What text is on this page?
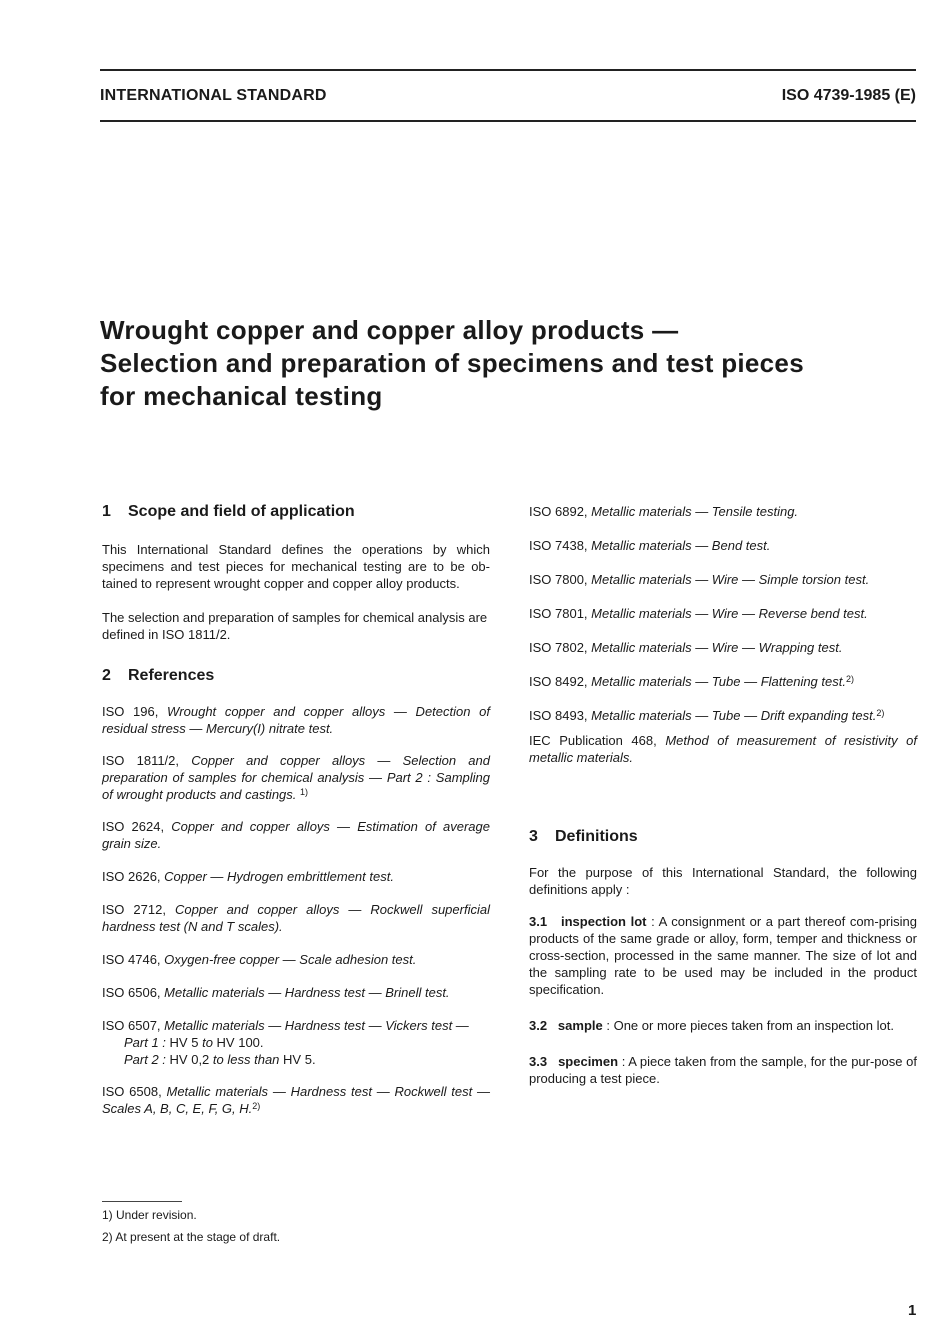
INTERNATIONAL STANDARD	ISO 4739-1985 (E)
Wrought copper and copper alloy products —
Selection and preparation of specimens and test pieces
for mechanical testing
1 Scope and field of application

This International Standard defines the operations by which specimens and test pieces for mechanical testing are to be ob-tained to represent wrought copper and copper alloy products.

The selection and preparation of samples for chemical analysis are defined in ISO 1811/2.

2 References

ISO 196, Wrought copper and copper alloys — Detection of residual stress — Mercury(I) nitrate test.

ISO 1811/2, Copper and copper alloys — Selection and preparation of samples for chemical analysis — Part 2 : Sampling of wrought products and castings. $^{1)}$

ISO 2624, Copper and copper alloys — Estimation of average grain size.

ISO 2626, Copper — Hydrogen embrittlement test.

ISO 2712, Copper and copper alloys — Rockwell superficial hardness test (N and T scales).

ISO 4746, Oxygen-free copper — Scale adhesion test.

ISO 6506, Metallic materials — Hardness test — Brinell test.

ISO 6507, Metallic materials — Hardness test — Vickers test —

Part 1 : HV 5 to HV 100.

Part 2 : HV 0,2 to less than HV 5.

ISO 6508, Metallic materials — Hardness test — Rockwell test — Scales A, B, C, E, F, G, H.$^{2)}$

ISO 6892, Metallic materials — Tensile testing.

ISO 7438, Metallic materials — Bend test.

ISO 7800, Metallic materials — Wire — Simple torsion test.

ISO 7801, Metallic materials — Wire — Reverse bend test.

ISO 7802, Metallic materials — Wire — Wrapping test.

ISO 8492, Metallic materials — Tube — Flattening test.$^{2)}$

ISO 8493, Metallic materials — Tube — Drift expanding test.$^{2)}$

IEC Publication 468, Method of measurement of resistivity of metallic materials.

3 Definitions

For the purpose of this International Standard, the following definitions apply :

3.1 inspection lot : A consignment or a part thereof com-prising products of the same grade or alloy, form, temper and thickness or cross-section, processed in the same manner. The size of lot and the sampling rate to be used may be included in the product specification.

3.2 sample : One or more pieces taken from an inspection lot.

3.3 specimen : A piece taken from the sample, for the pur-pose of producing a test piece.

1) Under revision.
2) At present at the stage of draft.
1
